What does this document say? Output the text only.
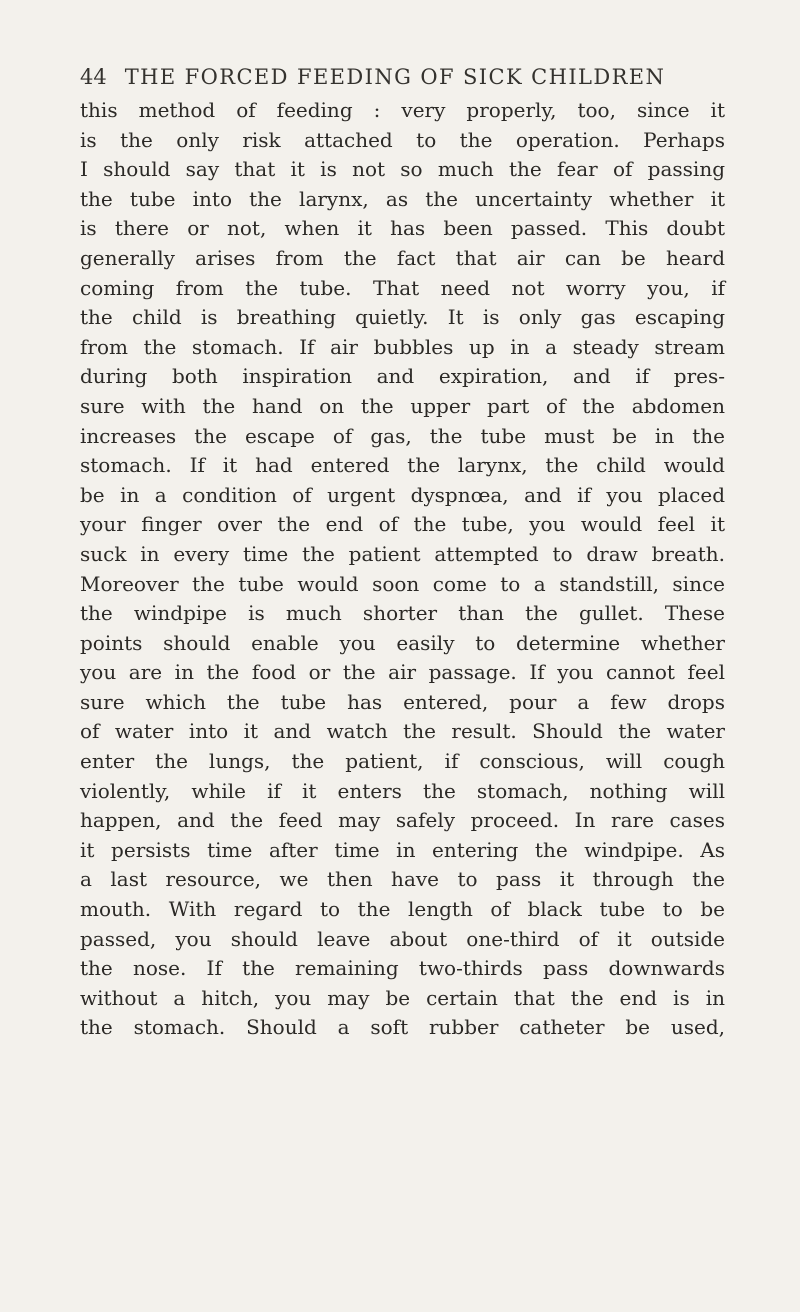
44 THE FORCED FEEDING OF SICK CHILDREN
this method of feeding : very properly, too, since it
is the only risk attached to the operation. Perhaps
I should say that it is not so much the fear of passing
the tube into the larynx, as the uncertainty whether it
is there or not, when it has been passed. This doubt
generally arises from the fact that air can be heard
coming from the tube. That need not worry you, if
the child is breathing quietly. It is only gas escaping
from the stomach. If air bubbles up in a steady stream
during both inspiration and expiration, and if pres-
sure with the hand on the upper part of the abdomen
increases the escape of gas, the tube must be in the
stomach. If it had entered the larynx, the child would
be in a condition of urgent dyspnœa, and if you placed
your finger over the end of the tube, you would feel it
suck in every time the patient attempted to draw breath.
Moreover the tube would soon come to a standstill, since
the windpipe is much shorter than the gullet. These
points should enable you easily to determine whether
you are in the food or the air passage. If you cannot feel
sure which the tube has entered, pour a few drops
of water into it and watch the result. Should the water
enter the lungs, the patient, if conscious, will cough
violently, while if it enters the stomach, nothing will
happen, and the feed may safely proceed. In rare cases
it persists time after time in entering the windpipe. As
a last resource, we then have to pass it through the
mouth. With regard to the length of black tube to be
passed, you should leave about one-third of it outside
the nose. If the remaining two-thirds pass downwards
without a hitch, you may be certain that the end is in
the stomach. Should a soft rubber catheter be used,
